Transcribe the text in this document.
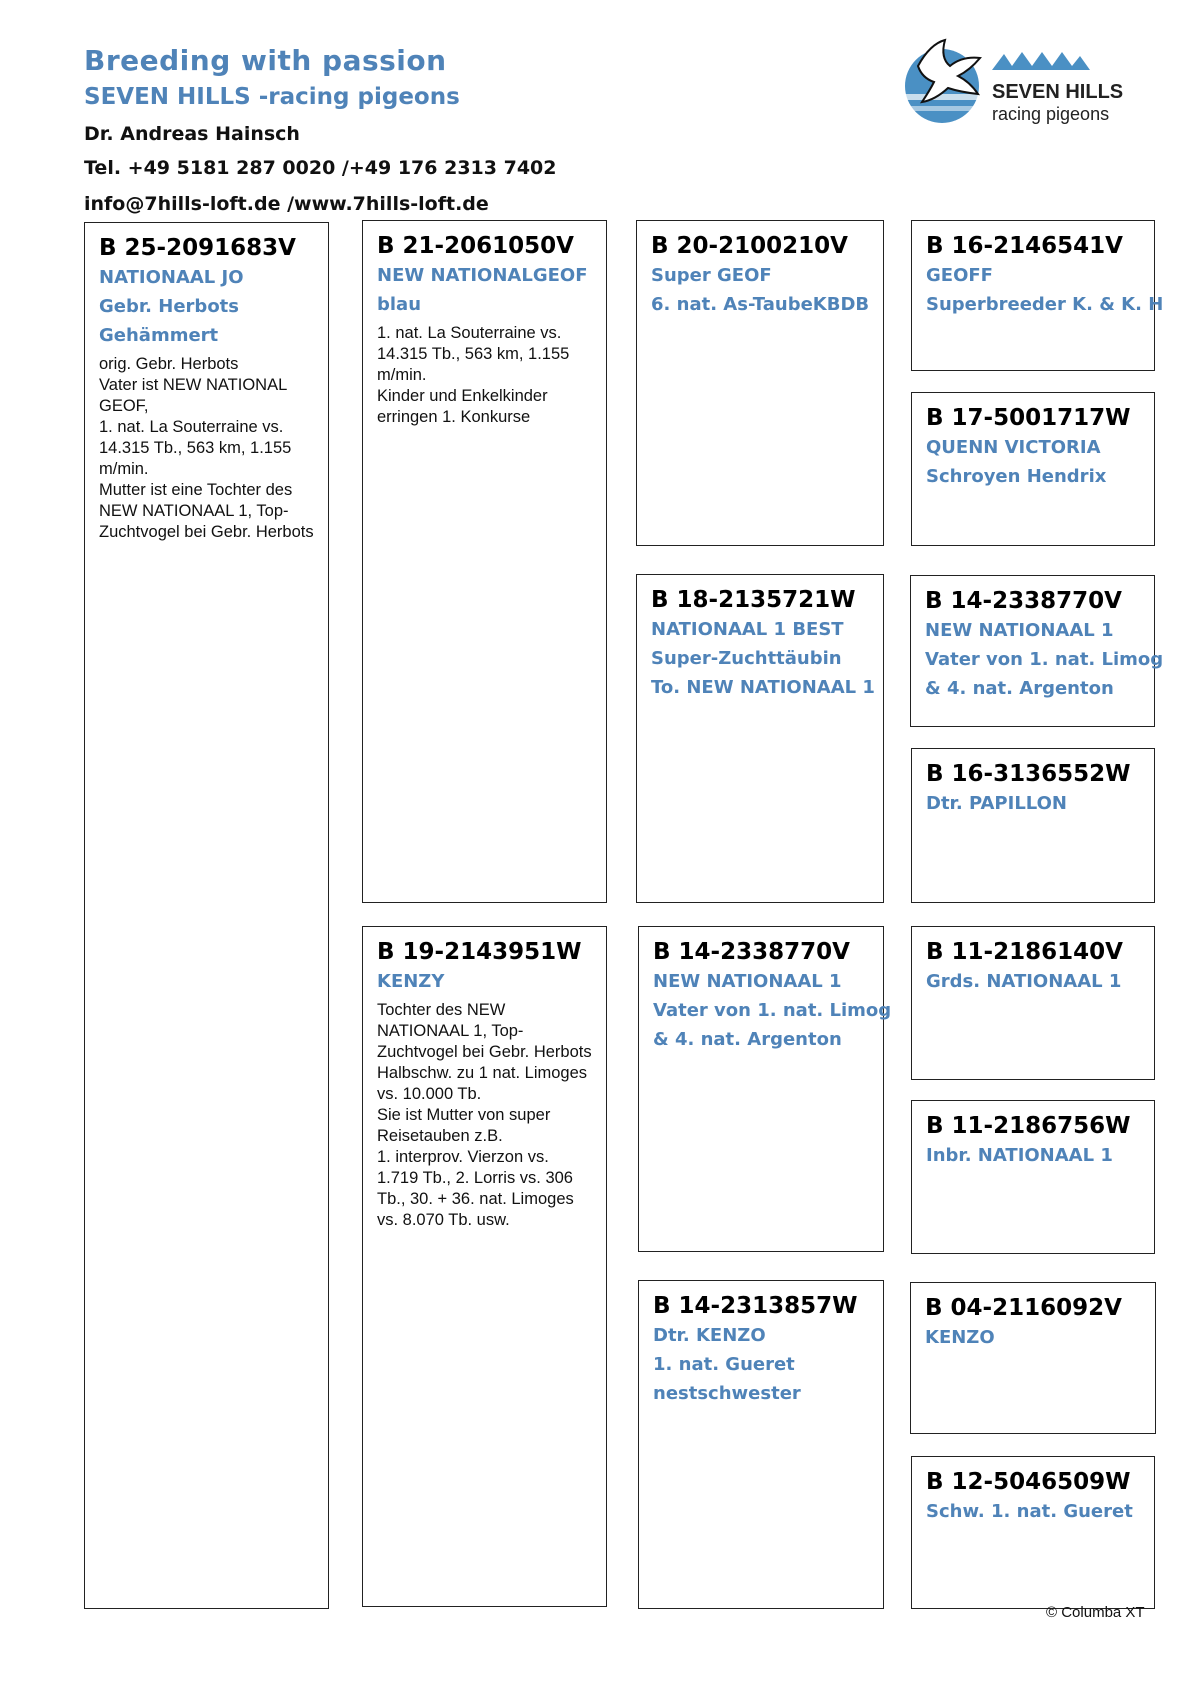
Breeding with passion
SEVEN HILLS -racing pigeons
Dr. Andreas Hainsch
Tel. +49 5181 287 0020 /+49 176 2313 7402
info@7hills-loft.de /www.7hills-loft.de
SEVEN HILLS
racing pigeons
B 25-2091683V
NATIONAAL JO
Gebr. Herbots
Gehämmert
orig. Gebr. Herbots
Vater ist NEW NATIONAL GEOF,
1. nat. La Souterraine vs. 14.315 Tb., 563 km, 1.155 m/min.
Mutter ist eine Tochter des NEW NATIONAAL 1, Top-Zuchtvogel bei Gebr. Herbots
B 21-2061050V
NEW NATIONALGEOF
blau
1. nat. La Souterraine vs. 14.315 Tb., 563 km, 1.155 m/min.
Kinder und Enkelkinder erringen 1. Konkurse
B 19-2143951W
KENZY
Tochter des NEW NATIONAAL 1, Top-Zuchtvogel bei Gebr. Herbots
Halbschw. zu 1 nat. Limoges vs. 10.000 Tb.
Sie ist Mutter von super Reisetauben z.B.
1. interprov. Vierzon vs. 1.719 Tb., 2. Lorris vs. 306 Tb., 30. + 36. nat. Limoges vs. 8.070 Tb. usw.
B 20-2100210V
Super GEOF
6. nat. As-TaubeKBDB
B 18-2135721W
NATIONAAL 1 BEST
Super-Zuchttäubin
To. NEW NATIONAAL 1
B 14-2338770V
NEW NATIONAAL 1
Vater von 1. nat. Limog
& 4. nat. Argenton
B 14-2313857W
Dtr. KENZO
1. nat. Gueret
nestschwester
B 16-2146541V
GEOFF
Superbreeder K. & K. H
B 17-5001717W
QUENN VICTORIA
Schroyen Hendrix
B 14-2338770V
NEW NATIONAAL 1
Vater von 1. nat. Limog
& 4. nat. Argenton
B 16-3136552W
Dtr. PAPILLON
B 11-2186140V
Grds. NATIONAAL 1
B 11-2186756W
Inbr. NATIONAAL 1
B 04-2116092V
KENZO
B 12-5046509W
Schw. 1. nat. Gueret
© Columba XT
